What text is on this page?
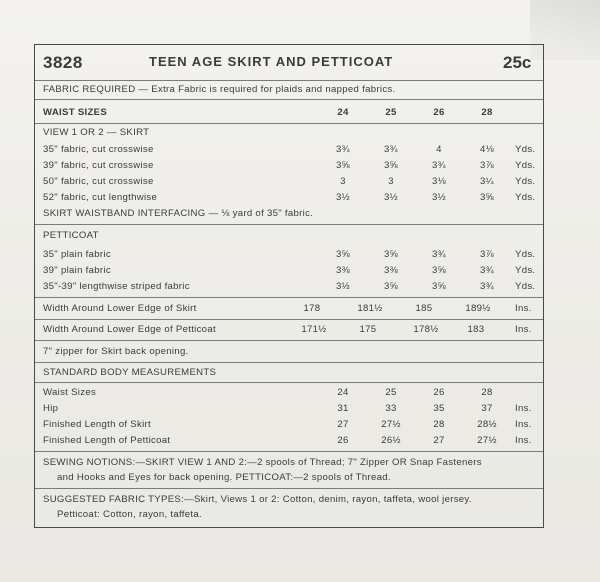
3828	TEEN AGE SKIRT AND PETTICOAT	25c
FABRIC REQUIRED — Extra Fabric is required for plaids and napped fabrics.
WAIST SIZES	24	25	26	28
VIEW 1 OR 2 — SKIRT
35" fabric, cut crosswise	3¾	3¾	4	4⅛	Yds.
39" fabric, cut crosswise	3⅝	3⅝	3¾	3⅞	Yds.
50" fabric, cut crosswise	3	3	3⅛	3¼	Yds.
52" fabric, cut lengthwise	3½	3½	3½	3⅝	Yds.
SKIRT WAISTBAND INTERFACING — ⅛ yard of 35" fabric.
PETTICOAT
35" plain fabric	3⅝	3⅝	3¾	3⅞	Yds.
39" plain fabric	3⅜	3⅜	3⅝	3¾	Yds.
35"-39" lengthwise striped fabric	3½	3⅝	3⅝	3¾	Yds.
Width Around Lower Edge of Skirt	178	181½	185	189½	Ins.
Width Around Lower Edge of Petticoat	171½	175	178½	183	Ins.
7" zipper for Skirt back opening.
STANDARD BODY MEASUREMENTS
Waist Sizes	24	25	26	28
Hip	31	33	35	37	Ins.
Finished Length of Skirt	27	27½	28	28½	Ins.
Finished Length of Petticoat	26	26½	27	27½	Ins.
SEWING NOTIONS:—SKIRT VIEW 1 AND 2:—2 spools of Thread; 7" Zipper OR Snap Fasteners
and Hooks and Eyes for back opening. PETTICOAT:—2 spools of Thread.
SUGGESTED FABRIC TYPES:—Skirt, Views 1 or 2: Cotton, denim, rayon, taffeta, wool jersey.
Petticoat: Cotton, rayon, taffeta.
